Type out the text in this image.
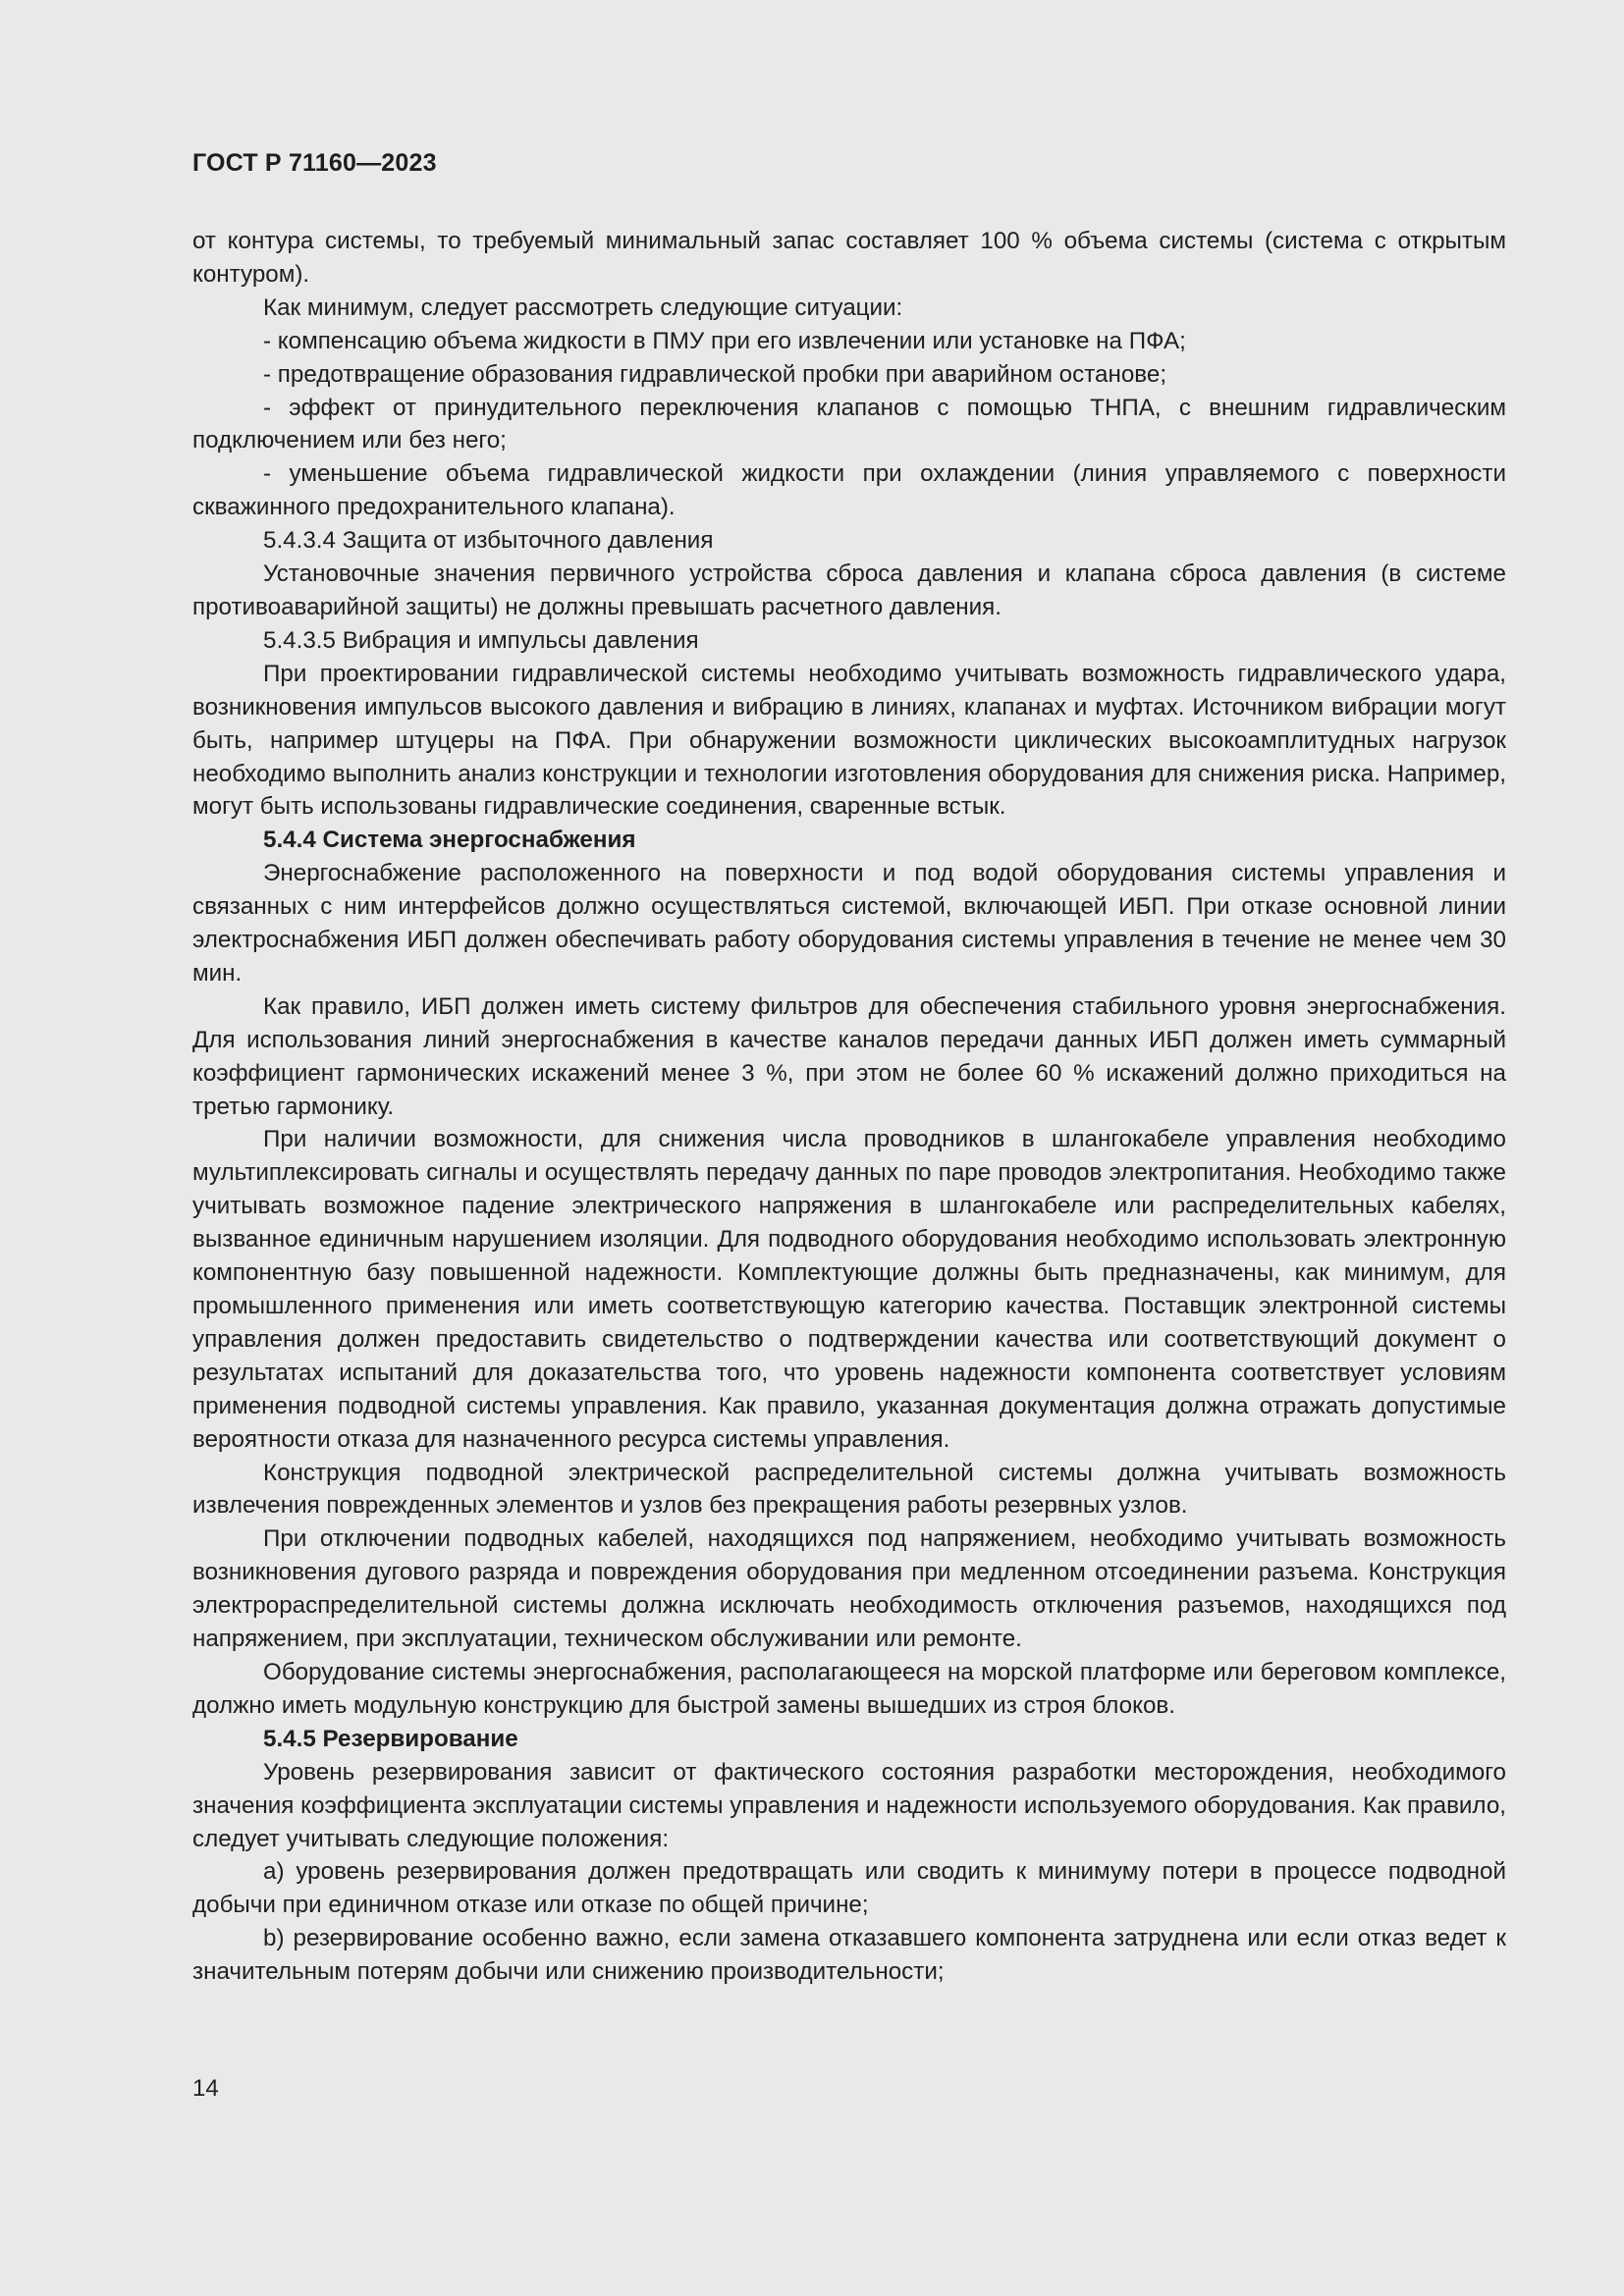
ГОСТ Р 71160—2023

от контура системы, то требуемый минимальный запас составляет 100 % объема системы (система с открытым контуром).

Как минимум, следует рассмотреть следующие ситуации:

- компенсацию объема жидкости в ПМУ при его извлечении или установке на ПФА;

- предотвращение образования гидравлической пробки при аварийном останове;

- эффект от принудительного переключения клапанов с помощью ТНПА, с внешним гидравлическим подключением или без него;

- уменьшение объема гидравлической жидкости при охлаждении (линия управляемого с поверхности скважинного предохранительного клапана).

5.4.3.4 Защита от избыточного давления

Установочные значения первичного устройства сброса давления и клапана сброса давления (в системе противоаварийной защиты) не должны превышать расчетного давления.

5.4.3.5 Вибрация и импульсы давления

При проектировании гидравлической системы необходимо учитывать возможность гидравлического удара, возникновения импульсов высокого давления и вибрацию в линиях, клапанах и муфтах. Источником вибрации могут быть, например штуцеры на ПФА. При обнаружении возможности циклических высокоамплитудных нагрузок необходимо выполнить анализ конструкции и технологии изготовления оборудования для снижения риска. Например, могут быть использованы гидравлические соединения, сваренные встык.

5.4.4 Система энергоснабжения

Энергоснабжение расположенного на поверхности и под водой оборудования системы управления и связанных с ним интерфейсов должно осуществляться системой, включающей ИБП. При отказе основной линии электроснабжения ИБП должен обеспечивать работу оборудования системы управления в течение не менее чем 30 мин.

Как правило, ИБП должен иметь систему фильтров для обеспечения стабильного уровня энергоснабжения. Для использования линий энергоснабжения в качестве каналов передачи данных ИБП должен иметь суммарный коэффициент гармонических искажений менее 3 %, при этом не более 60 % искажений должно приходиться на третью гармонику.

При наличии возможности, для снижения числа проводников в шлангокабеле управления необходимо мультиплексировать сигналы и осуществлять передачу данных по паре проводов электропитания. Необходимо также учитывать возможное падение электрического напряжения в шлангокабеле или распределительных кабелях, вызванное единичным нарушением изоляции. Для подводного оборудования необходимо использовать электронную компонентную базу повышенной надежности. Комплектующие должны быть предназначены, как минимум, для промышленного применения или иметь соответствующую категорию качества. Поставщик электронной системы управления должен предоставить свидетельство о подтверждении качества или соответствующий документ о результатах испытаний для доказательства того, что уровень надежности компонента соответствует условиям применения подводной системы управления. Как правило, указанная документация должна отражать допустимые вероятности отказа для назначенного ресурса системы управления.

Конструкция подводной электрической распределительной системы должна учитывать возможность извлечения поврежденных элементов и узлов без прекращения работы резервных узлов.

При отключении подводных кабелей, находящихся под напряжением, необходимо учитывать возможность возникновения дугового разряда и повреждения оборудования при медленном отсоединении разъема. Конструкция электрораспределительной системы должна исключать необходимость отключения разъемов, находящихся под напряжением, при эксплуатации, техническом обслуживании или ремонте.

Оборудование системы энергоснабжения, располагающееся на морской платформе или береговом комплексе, должно иметь модульную конструкцию для быстрой замены вышедших из строя блоков.

5.4.5 Резервирование

Уровень резервирования зависит от фактического состояния разработки месторождения, необходимого значения коэффициента эксплуатации системы управления и надежности используемого оборудования. Как правило, следует учитывать следующие положения:

a) уровень резервирования должен предотвращать или сводить к минимуму потери в процессе подводной добычи при единичном отказе или отказе по общей причине;

b) резервирование особенно важно, если замена отказавшего компонента затруднена или если отказ ведет к значительным потерям добычи или снижению производительности;

14
